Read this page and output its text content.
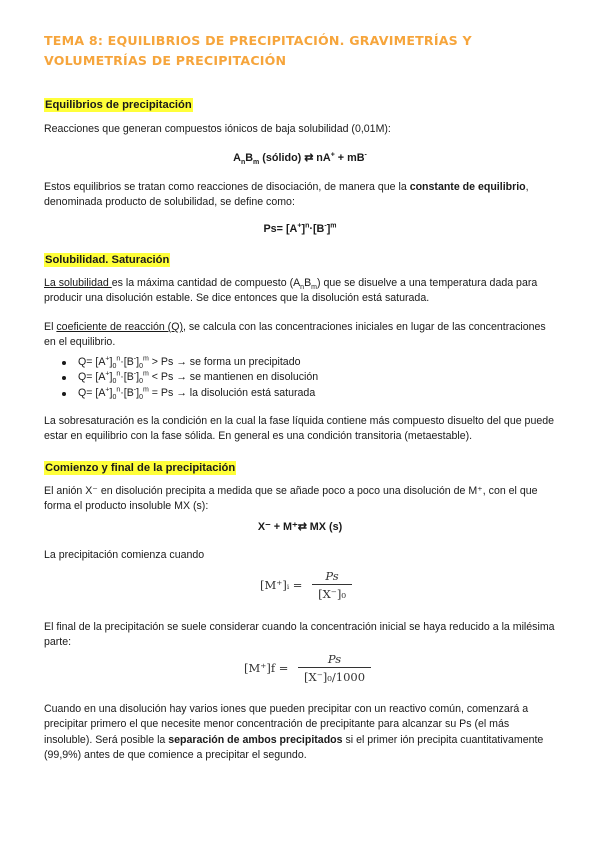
TEMA 8: EQUILIBRIOS DE PRECIPITACIÓN. GRAVIMETRÍAS Y VOLUMETRÍAS DE PRECIPITACIÓN
Equilibrios de precipitación
Reacciones que generan compuestos iónicos de baja solubilidad (0,01M):
$A_nB_m$ (sólido) ⇄ nA+ + mB-
Estos equilibrios se tratan como reacciones de disociación, de manera que la constante de equilibrio, denominada producto de solubilidad, se define como:
$Ps= [A^+]^n\cdot[B^-]^m$
Solubilidad. Saturación
La solubilidad es la máxima cantidad de compuesto $(A_nB_m)$ que se disuelve a una temperatura dada para producir una disolución estable. Se dice entonces que la disolución está saturada.
El coeficiente de reacción (Q), se calcula con las concentraciones iniciales en lugar de las concentraciones en el equilibrio.
$Q= [A^+]_0^n\cdot[B^-]_0^m > Ps$ → se forma un precipitado
$Q= [A^+]_0^n\cdot[B^-]_0^m < Ps$ → se mantienen en disolución
$Q= [A^+]_0^n\cdot[B^-]_0^m = Ps$ → la disolución está saturada
La sobresaturación es la condición en la cual la fase líquida contiene más compuesto disuelto del que puede estar en equilibrio con la fase sólida. En general es una condición transitoria (metaestable).
Comienzo y final de la precipitación
El anión X⁻ en disolución precipita a medida que se añade poco a poco una disolución de M⁺, con el que forma el producto insoluble MX (s):
X⁻ + M⁺⇄ MX (s)
La precipitación comienza cuando
[M⁺]ᵢ = $\frac{Ps}{\text{[X⁻]₀}}$
El final de la precipitación se suele considerar cuando la concentración inicial se haya reducido a la milésima parte:
$[M^+]f = \frac{Ps}{\text{[X⁻]₀/1000}}$
Cuando en una disolución hay varios iones que pueden precipitar con un reactivo común, comenzará a precipitar primero el que necesite menor concentración de precipitante para alcanzar su Ps (el más insoluble). Será posible la separación de ambos precipitados si el primer ión precipita cuantitativamente (99,9%) antes de que comience a precipitar el segundo.
